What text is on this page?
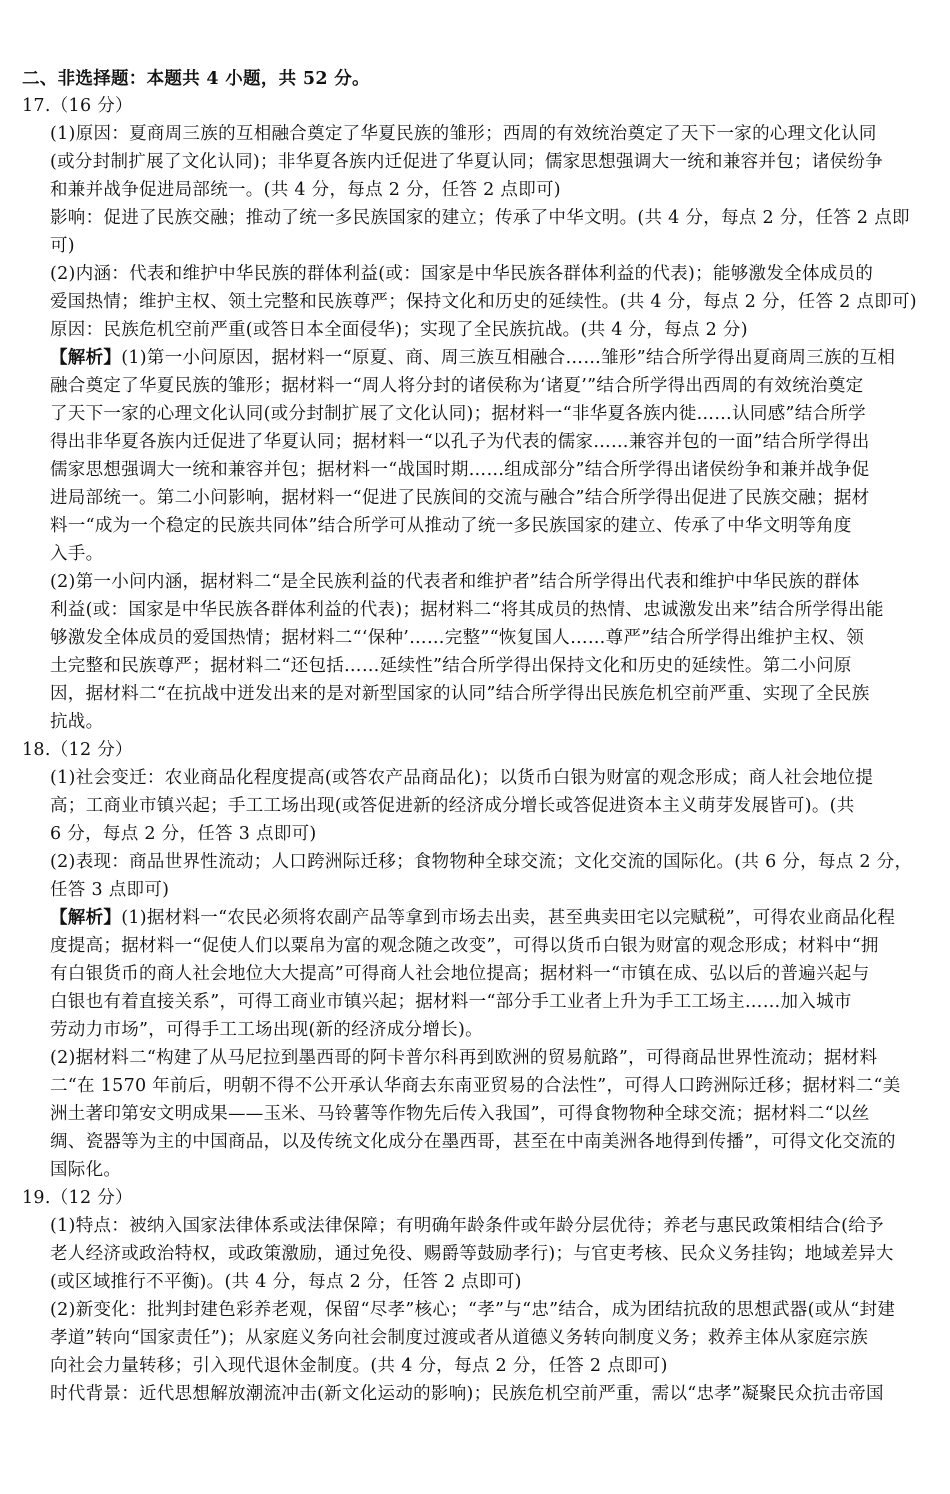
二、非选择题：本题共 4 小题，共 52 分。
17.（16 分）
(1)原因：夏商周三族的互相融合奠定了华夏民族的雏形；西周的有效统治奠定了天下一家的心理文化认同
(或分封制扩展了文化认同)；非华夏各族内迁促进了华夏认同；儒家思想强调大一统和兼容并包；诸侯纷争
和兼并战争促进局部统一。(共 4 分，每点 2 分，任答 2 点即可)
影响：促进了民族交融；推动了统一多民族国家的建立；传承了中华文明。(共 4 分，每点 2 分，任答 2 点即
可)
(2)内涵：代表和维护中华民族的群体利益(或：国家是中华民族各群体利益的代表)；能够激发全体成员的
爱国热情；维护主权、领土完整和民族尊严；保持文化和历史的延续性。(共 4 分，每点 2 分，任答 2 点即可)
原因：民族危机空前严重(或答日本全面侵华)；实现了全民族抗战。(共 4 分，每点 2 分)
【解析】(1)第一小问原因，据材料一“原夏、商、周三族互相融合……雏形”结合所学得出夏商周三族的互相
融合奠定了华夏民族的雏形；据材料一“周人将分封的诸侯称为‘诸夏’”结合所学得出西周的有效统治奠定
了天下一家的心理文化认同(或分封制扩展了文化认同)；据材料一“非华夏各族内徙……认同感”结合所学
得出非华夏各族内迁促进了华夏认同；据材料一“以孔子为代表的儒家……兼容并包的一面”结合所学得出
儒家思想强调大一统和兼容并包；据材料一“战国时期……组成部分”结合所学得出诸侯纷争和兼并战争促
进局部统一。第二小问影响，据材料一“促进了民族间的交流与融合”结合所学得出促进了民族交融；据材
料一“成为一个稳定的民族共同体”结合所学可从推动了统一多民族国家的建立、传承了中华文明等角度
入手。
(2)第一小问内涵，据材料二“是全民族利益的代表者和维护者”结合所学得出代表和维护中华民族的群体
利益(或：国家是中华民族各群体利益的代表)；据材料二“将其成员的热情、忠诚激发出来”结合所学得出能
够激发全体成员的爱国热情；据材料二“‘保种’……完整”“恢复国人……尊严”结合所学得出维护主权、领
土完整和民族尊严；据材料二“还包括……延续性”结合所学得出保持文化和历史的延续性。第二小问原
因，据材料二“在抗战中迸发出来的是对新型国家的认同”结合所学得出民族危机空前严重、实现了全民族
抗战。
18.（12 分）
(1)社会变迁：农业商品化程度提高(或答农产品商品化)；以货币白银为财富的观念形成；商人社会地位提
高；工商业市镇兴起；手工工场出现(或答促进新的经济成分增长或答促进资本主义萌芽发展皆可)。(共
6 分，每点 2 分，任答 3 点即可)
(2)表现：商品世界性流动；人口跨洲际迁移；食物物种全球交流；文化交流的国际化。(共 6 分，每点 2 分，
任答 3 点即可)
【解析】(1)据材料一“农民必须将农副产品等拿到市场去出卖，甚至典卖田宅以完赋税”，可得农业商品化程
度提高；据材料一“促使人们以粟帛为富的观念随之改变”，可得以货币白银为财富的观念形成；材料中“拥
有白银货币的商人社会地位大大提高”可得商人社会地位提高；据材料一“市镇在成、弘以后的普遍兴起与
白银也有着直接关系”，可得工商业市镇兴起；据材料一“部分手工业者上升为手工工场主……加入城市
劳动力市场”，可得手工工场出现(新的经济成分增长)。
(2)据材料二“构建了从马尼拉到墨西哥的阿卡普尔科再到欧洲的贸易航路”，可得商品世界性流动；据材料
二“在 1570 年前后，明朝不得不公开承认华商去东南亚贸易的合法性”，可得人口跨洲际迁移；据材料二“美
洲土著印第安文明成果——玉米、马铃薯等作物先后传入我国”，可得食物物种全球交流；据材料二“以丝
绸、瓷器等为主的中国商品，以及传统文化成分在墨西哥，甚至在中南美洲各地得到传播”，可得文化交流的
国际化。
19.（12 分）
(1)特点：被纳入国家法律体系或法律保障；有明确年龄条件或年龄分层优待；养老与惠民政策相结合(给予
老人经济或政治特权，或政策激励，通过免役、赐爵等鼓励孝行)；与官吏考核、民众义务挂钩；地域差异大
(或区域推行不平衡)。(共 4 分，每点 2 分，任答 2 点即可)
(2)新变化：批判封建色彩养老观，保留“尽孝”核心；“孝”与“忠”结合，成为团结抗敌的思想武器(或从“封建
孝道”转向“国家责任”)；从家庭义务向社会制度过渡或者从道德义务转向制度义务；救养主体从家庭宗族
向社会力量转移；引入现代退休金制度。(共 4 分，每点 2 分，任答 2 点即可)
时代背景：近代思想解放潮流冲击(新文化运动的影响)；民族危机空前严重，需以“忠孝”凝聚民众抗击帝国
